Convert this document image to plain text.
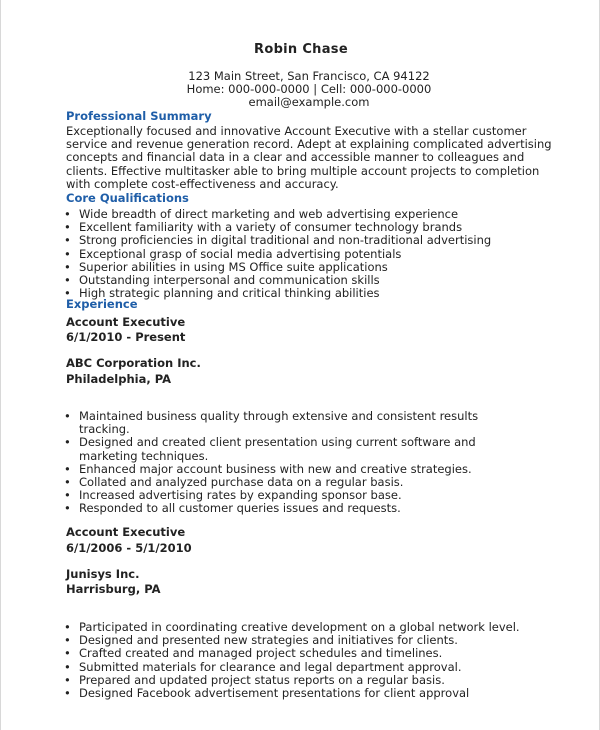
Robin Chase
123 Main Street, San Francisco, CA 94122
Home: 000-000-0000 | Cell: 000-000-0000
email@example.com
Professional Summary
Exceptionally focused and innovative Account Executive with a stellar customer service and revenue generation record. Adept at explaining complicated advertising concepts and financial data in a clear and accessible manner to colleagues and clients. Effective multitasker able to bring multiple account projects to completion with complete cost-effectiveness and accuracy.
Core Qualifications
• Wide breadth of direct marketing and web advertising experience
• Excellent familiarity with a variety of consumer technology brands
• Strong proficiencies in digital traditional and non-traditional advertising
• Exceptional grasp of social media advertising potentials
• Superior abilities in using MS Office suite applications
• Outstanding interpersonal and communication skills
• High strategic planning and critical thinking abilities
Experience
Account Executive
6/1/2010 - Present
ABC Corporation Inc.
Philadelphia, PA
• Maintained business quality through extensive and consistent results tracking.
• Designed and created client presentation using current software and marketing techniques.
• Enhanced major account business with new and creative strategies.
• Collated and analyzed purchase data on a regular basis.
• Increased advertising rates by expanding sponsor base.
• Responded to all customer queries issues and requests.
Account Executive
6/1/2006 - 5/1/2010
Junisys Inc.
Harrisburg, PA
• Participated in coordinating creative development on a global network level.
• Designed and presented new strategies and initiatives for clients.
• Crafted created and managed project schedules and timelines.
• Submitted materials for clearance and legal department approval.
• Prepared and updated project status reports on a regular basis.
• Designed Facebook advertisement presentations for client approval
